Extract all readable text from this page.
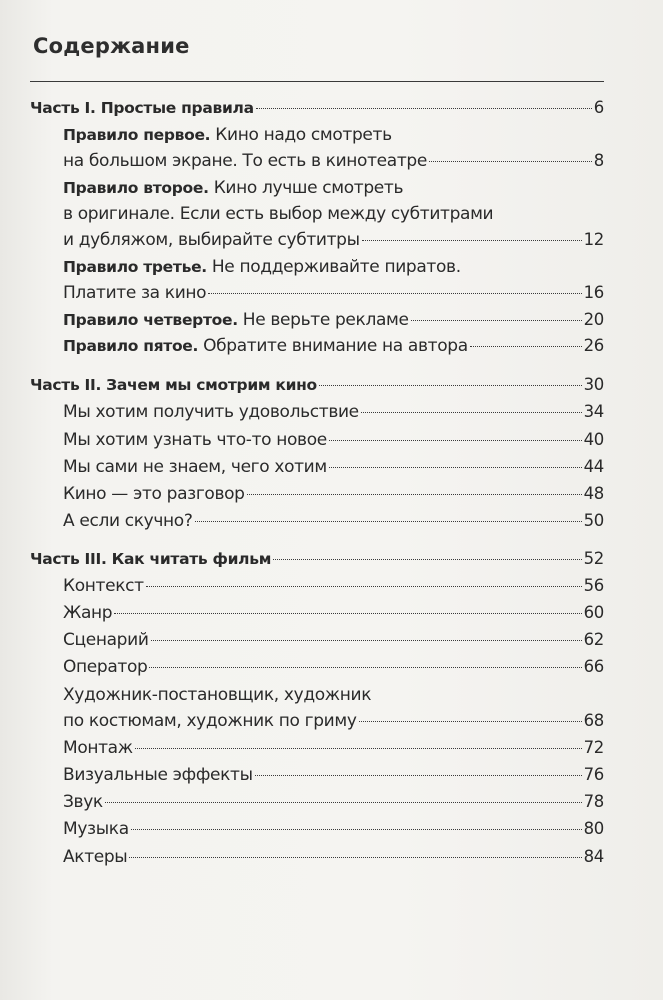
Содержание
Часть I. Простые правила	6
Правило первое. Кино надо смотреть
на большом экране. То есть в кинотеатре	8
Правило второе. Кино лучше смотреть
в оригинале. Если есть выбор между субтитрами
и дубляжом, выбирайте субтитры	12
Правило третье. Не поддерживайте пиратов.
Платите за кино	16
Правило четвертое. Не верьте рекламе	20
Правило пятое. Обратите внимание на автора	26
Часть II. Зачем мы смотрим кино	30
Мы хотим получить удовольствие	34
Мы хотим узнать что-то новое	40
Мы сами не знаем, чего хотим	44
Кино — это разговор	48
А если скучно?	50
Часть III. Как читать фильм	52
Контекст	56
Жанр	60
Сценарий	62
Оператор	66
Художник-постановщик, художник
по костюмам, художник по гриму	68
Монтаж	72
Визуальные эффекты	76
Звук	78
Музыка	80
Актеры	84
